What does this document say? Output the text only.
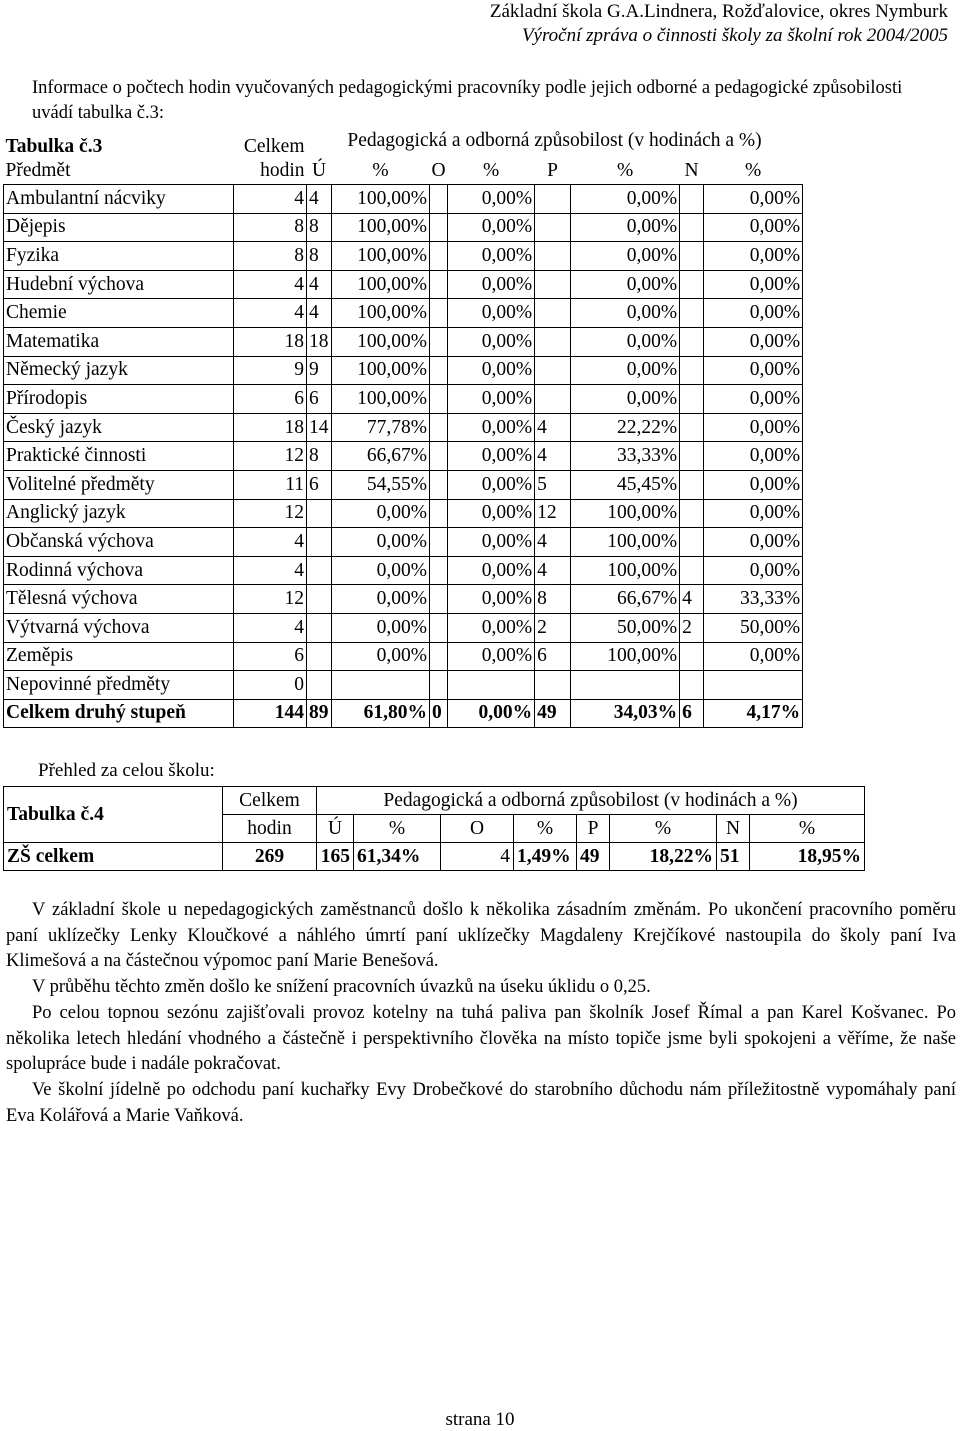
Základní škola G.A.Lindnera, Rožďalovice, okres Nymburk
Výroční zpráva o činnosti školy za školní rok 2004/2005
Informace o počtech hodin vyučovaných pedagogickými pracovníky podle jejich odborné a pedagogické způsobilosti uvádí tabulka č.3:
Tabulka č.3	Celkem	Pedagogická a odborná způsobilost (v hodinách a %)							
Předmět	hodin	Ú	%	O	%	P	%	N	%
Ambulantní nácviky	4	4	100,00%		0,00%		0,00%		0,00%
Dějepis	8	8	100,00%		0,00%		0,00%		0,00%
Fyzika	8	8	100,00%		0,00%		0,00%		0,00%
Hudební výchova	4	4	100,00%		0,00%		0,00%		0,00%
Chemie	4	4	100,00%		0,00%		0,00%		0,00%
Matematika	18	18	100,00%		0,00%		0,00%		0,00%
Německý jazyk	9	9	100,00%		0,00%		0,00%		0,00%
Přírodopis	6	6	100,00%		0,00%		0,00%		0,00%
Český jazyk	18	14	77,78%		0,00%	4	22,22%		0,00%
Praktické činnosti	12	8	66,67%		0,00%	4	33,33%		0,00%
Volitelné předměty	11	6	54,55%		0,00%	5	45,45%		0,00%
Anglický jazyk	12		0,00%		0,00%	12	100,00%		0,00%
Občanská výchova	4		0,00%		0,00%	4	100,00%		0,00%
Rodinná výchova	4		0,00%		0,00%	4	100,00%		0,00%
Tělesná výchova	12		0,00%		0,00%	8	66,67%	4	33,33%
Výtvarná výchova	4		0,00%		0,00%	2	50,00%	2	50,00%
Zeměpis	6		0,00%		0,00%	6	100,00%		0,00%
Nepovinné předměty	0								
Celkem druhý stupeň	144	89	61,80%	0	0,00%	49	34,03%	6	4,17%
Přehled za celou školu:
Tabulka č.4	Celkem	Pedagogická a odborná způsobilost (v hodinách a %)							
	hodin	Ú	%	O	%	P	%	N	%
ZŠ celkem	269	165	61,34%	4	1,49%	49	18,22%	51	18,95%

V základní škole u nepedagogických zaměstnanců došlo k několika zásadním změnám. Po ukončení pracovního poměru paní uklízečky Lenky Kloučkové a náhlého úmrtí paní uklízečky Magdaleny Krejčíkové nastoupila do školy paní Iva Klimešová a na částečnou výpomoc paní Marie Benešová.

V průběhu těchto změn došlo ke snížení pracovních úvazků na úseku úklidu o 0,25.

Po celou topnou sezónu zajišťovali provoz kotelny na tuhá paliva pan školník Josef Římal a pan Karel Košvanec. Po několika letech hledání vhodného a částečně i perspektivního člověka na místo topiče jsme byli spokojeni a věříme, že naše spolupráce bude i nadále pokračovat.

Ve školní jídelně po odchodu paní kuchařky Evy Drobečkové do starobního důchodu nám příležitostně vypomáhaly paní Eva Kolářová a Marie Vaňková.

strana 10
